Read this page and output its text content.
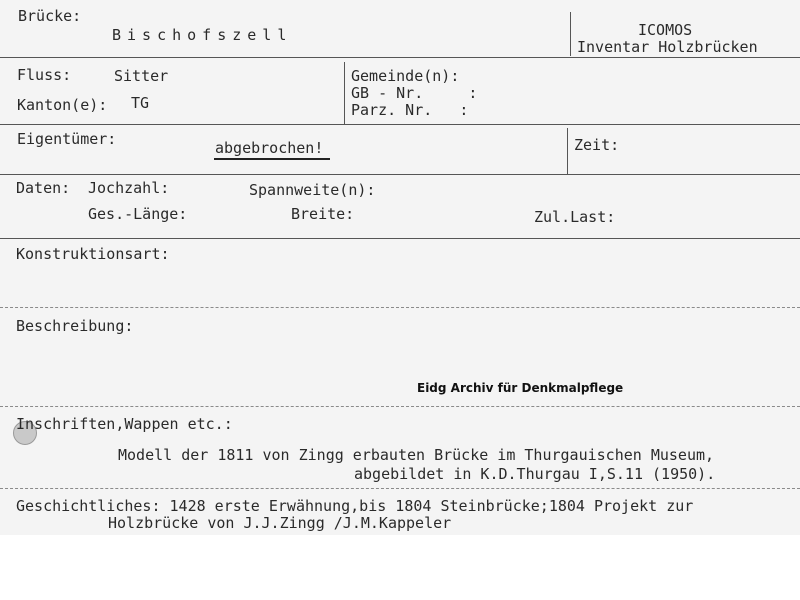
Brücke:
Bischofszell	ICOMOS
Inventar Holzbrücken
Fluss:	Sitter
Kanton(e): TG
Gemeinde(n):
GB - Nr.     :
Parz. Nr.   :
Eigentümer:	abgebrochen!	Zeit:
Daten: Jochzahl:	Spannweite(n):
Ges.-Länge:	Breite:	Zul.Last:
Konstruktionsart:
Beschreibung:
Eidg Archiv für Denkmalpflege
Inschriften,Wappen etc.:
Modell der 1811 von Zingg erbauten Brücke im Thurgauischen Museum,
abgebildet in K.D.Thurgau I,S.11 (1950).
Geschichtliches: 1428 erste Erwähnung,bis 1804 Steinbrücke;1804 Projekt zur
Holzbrücke von J.J.Zingg /J.M.Kappeler
